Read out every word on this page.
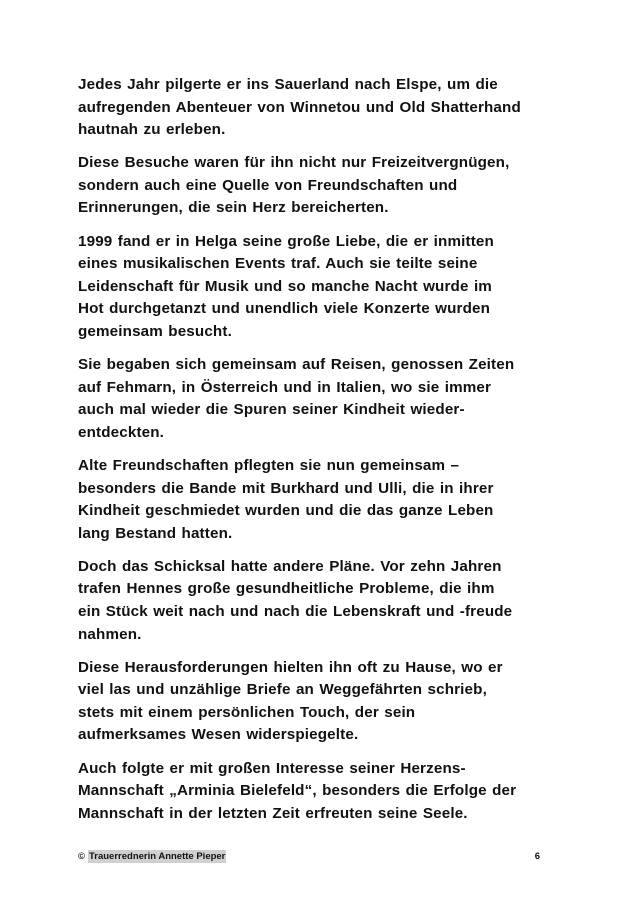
Jedes Jahr pilgerte er ins Sauerland nach Elspe, um die
aufregenden Abenteuer von Winnetou und Old Shatterhand
hautnah zu erleben.

Diese Besuche waren für ihn nicht nur Freizeitvergnügen,
sondern auch eine Quelle von Freundschaften und
Erinnerungen, die sein Herz bereicherten.

1999 fand er in Helga seine große Liebe, die er inmitten
eines musikalischen Events traf. Auch sie teilte seine
Leidenschaft für Musik und so manche Nacht wurde im
Hot durchgetanzt und unendlich viele Konzerte wurden
gemeinsam besucht.

Sie begaben sich gemeinsam auf Reisen, genossen Zeiten
auf Fehmarn, in Österreich und in Italien, wo sie immer
auch mal wieder die Spuren seiner Kindheit wieder-
entdeckten.

Alte Freundschaften pflegten sie nun gemeinsam –
besonders die Bande mit Burkhard und Ulli, die in ihrer
Kindheit geschmiedet wurden und die das ganze Leben
lang Bestand hatten.

Doch das Schicksal hatte andere Pläne. Vor zehn Jahren
trafen Hennes große gesundheitliche Probleme, die ihm
ein Stück weit nach und nach die Lebenskraft und -freude
nahmen.

Diese Herausforderungen hielten ihn oft zu Hause, wo er
viel las und unzählige Briefe an Weggefährten schrieb,
stets mit einem persönlichen Touch, der sein
aufmerksames Wesen widerspiegelte.

Auch folgte er mit großen Interesse seiner Herzens-
Mannschaft „Arminia Bielefeld“, besonders die Erfolge der
Mannschaft in der letzten Zeit erfreuten seine Seele.

© Trauerrednerin Annette Pieper	6
